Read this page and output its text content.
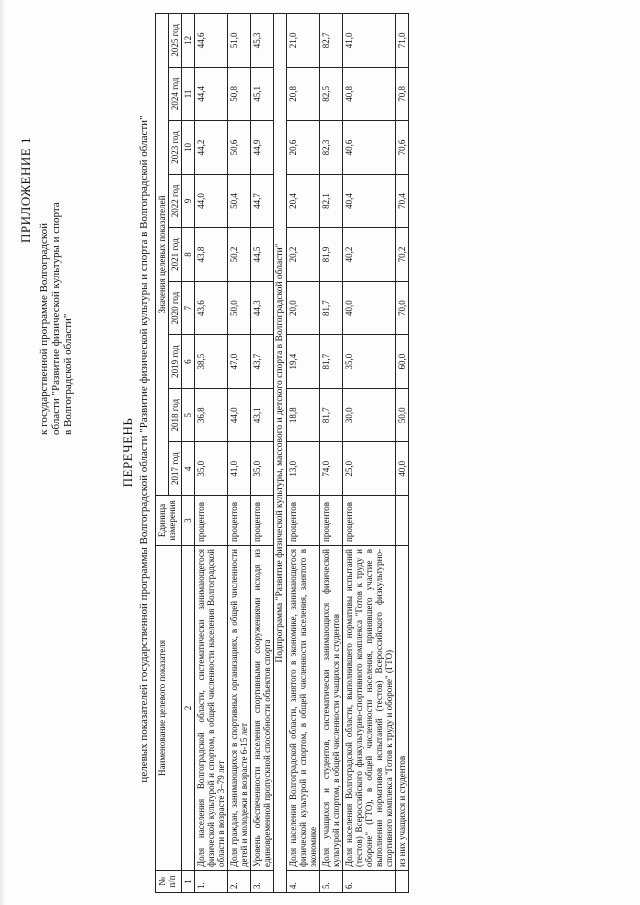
ПРИЛОЖЕНИЕ 1
к государственной программе Волгоградской области "Развитие физической культуры и спорта в Волгоградской области"
ПЕРЕЧЕНЬ целевых показателей государственной программы Волгоградской области "Развитие физической культуры и спорта в Волгоградской области"
№ п/п	Наименование целевого показателя	Единица измерения	Значения целевых показателей								
			2017 год	2018 год	2019 год	2020 год	2021 год	2022 год	2023 год	2024 год	2025 год
1	2	3	4	5	6	7	8	9	10	11	12
1.	Доля населения Волгоградской области, систематически занимающегося физической культурой и спортом, в общей численности населения Волгоградской области в возрасте 3–79 лет	процентов	35,0	36,8	38,5	43,6	43,8	44,0	44,2	44,4	44,6
2.	Доля граждан, занимающихся в спортивных организациях, в общей численности детей и молодежи в возрасте 6-15 лет	процентов	41,0	44,0	47,0	50,0	50,2	50,4	50,6	50,8	51,0
3.	Уровень обеспеченности населения спортивными сооружениями исходя из единовременной пропускной способности объектов спорта	процентов	35,0	43,1	43,7	44,3	44,5	44,7	44,9	45,1	45,3
Подпрограмма "Развитие физической культуры, массового и детского спорта в Волгоградской области"											
4.	Доля населения Волгоградской области, занятого в экономике, занимающегося физической культурой и спортом, в общей численности населения, занятого в экономике	процентов	13,0	18,8	19,4	20,0	20,2	20,4	20,6	20,8	21,0
5.	Доля учащихся и студентов, систематически занимающихся физической культурой и спортом, в общей численности учащихся и студентов	процентов	74,0	81,7	81,7	81,7	81,9	82,1	82,3	82,5	82,7
6.	Доля населения Волгоградской области, выполнившего нормативы испытаний (тестов) Всероссийского физкультурно-спортивного комплекса "Готов к труду и обороне" (ГТО), в общей численности населения, принявшего участие в выполнении нормативов испытаний (тестов) Всероссийского физкультурно-спортивного комплекса "Готов к труду и обороне" (ГТО)	процентов	25,0	30,0	35,0	40,0	40,2	40,4	40,6	40,8	41,0
	из них учащихся и студентов		40,0	50,0	60,0	70,0	70,2	70,4	70,6	70,8	71,0
